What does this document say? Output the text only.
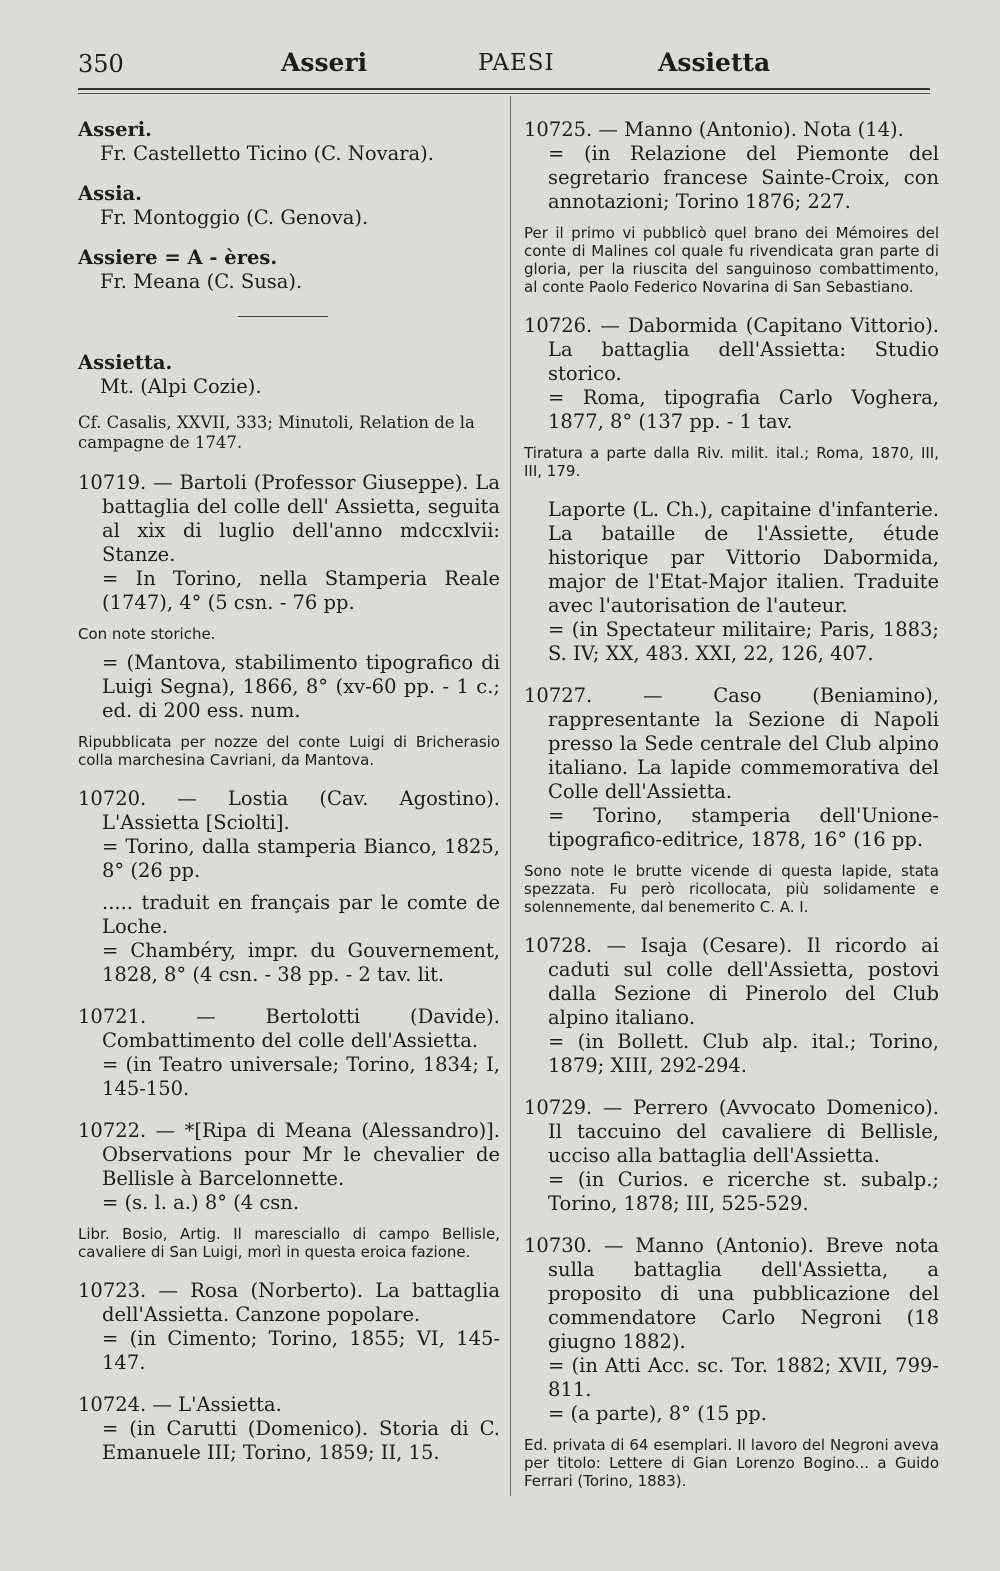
350	Asseri	PAESI	Assietta
Asseri.
Fr. Castelletto Ticino (C. Novara).
Assia.
Fr. Montoggio (C. Genova).
Assiere = A - ères.
Fr. Meana (C. Susa).
Assietta.
Mt. (Alpi Cozie).
Cf. Casalis, XXVII, 333; Minutoli, Relation de la campagne de 1747.

10719. — Bartoli (Professor Giuseppe). La battaglia del colle dell' Assietta, seguita al xix di luglio dell'anno mdccxlvii: Stanze.

= In Torino, nella Stamperia Reale (1747), 4° (5 csn. - 76 pp.

Con note storiche.

= (Mantova, stabilimento tipografico di Luigi Segna), 1866, 8° (xv-60 pp. - 1 c.; ed. di 200 ess. num.

Ripubblicata per nozze del conte Luigi di Bricherasio colla marchesina Cavriani, da Mantova.

10720. — Lostia (Cav. Agostino). L'Assietta [Sciolti].

= Torino, dalla stamperia Bianco, 1825, 8° (26 pp.

..... traduit en français par le comte de Loche.

= Chambéry, impr. du Gouvernement, 1828, 8° (4 csn. - 38 pp. - 2 tav. lit.

10721. — Bertolotti (Davide). Combattimento del colle dell'Assietta.

= (in Teatro universale; Torino, 1834; I, 145-150.

10722. — *[Ripa di Meana (Alessandro)]. Observations pour Mr le chevalier de Bellisle à Barcelonnette.

= (s. l. a.) 8° (4 csn.

Libr. Bosio, Artig. Il maresciallo di campo Bellisle, cavaliere di San Luigi, morì in questa eroica fazione.

10723. — Rosa (Norberto). La battaglia dell'Assietta. Canzone popolare.

= (in Cimento; Torino, 1855; VI, 145-147.

10724. — L'Assietta.

= (in Carutti (Domenico). Storia di C. Emanuele III; Torino, 1859; II, 15.

10725. — Manno (Antonio). Nota (14).

= (in Relazione del Piemonte del segretario francese Sainte-Croix, con annotazioni; Torino 1876; 227.

Per il primo vi pubblicò quel brano dei Mémoires del conte di Malines col quale fu rivendicata gran parte di gloria, per la riuscita del sanguinoso combattimento, al conte Paolo Federico Novarina di San Sebastiano.

10726. — Dabormida (Capitano Vittorio). La battaglia dell'Assietta: Studio storico.

= Roma, tipografia Carlo Voghera, 1877, 8° (137 pp. - 1 tav.

Tiratura a parte dalla Riv. milit. ital.; Roma, 1870, III, III, 179.

Laporte (L. Ch.), capitaine d'infanterie. La bataille de l'Assiette, étude historique par Vittorio Dabormida, major de l'Etat-Major italien. Traduite avec l'autorisation de l'auteur.

= (in Spectateur militaire; Paris, 1883; S. IV; XX, 483. XXI, 22, 126, 407.

10727. — Caso (Beniamino), rappresentante la Sezione di Napoli presso la Sede centrale del Club alpino italiano. La lapide commemorativa del Colle dell'Assietta.

= Torino, stamperia dell'Unione-tipografico-editrice, 1878, 16° (16 pp.

Sono note le brutte vicende di questa lapide, stata spezzata. Fu però ricollocata, più solidamente e solennemente, dal benemerito C. A. I.

10728. — Isaja (Cesare). Il ricordo ai caduti sul colle dell'Assietta, postovi dalla Sezione di Pinerolo del Club alpino italiano.

= (in Bollett. Club alp. ital.; Torino, 1879; XIII, 292-294.

10729. — Perrero (Avvocato Domenico). Il taccuino del cavaliere di Bellisle, ucciso alla battaglia dell'Assietta.

= (in Curios. e ricerche st. subalp.; Torino, 1878; III, 525-529.

10730. — Manno (Antonio). Breve nota sulla battaglia dell'Assietta, a proposito di una pubblicazione del commendatore Carlo Negroni (18 giugno 1882).

= (in Atti Acc. sc. Tor. 1882; XVII, 799-811.

= (a parte), 8° (15 pp.

Ed. privata di 64 esemplari. Il lavoro del Negroni aveva per titolo: Lettere di Gian Lorenzo Bogino... a Guido Ferrari (Torino, 1883).
